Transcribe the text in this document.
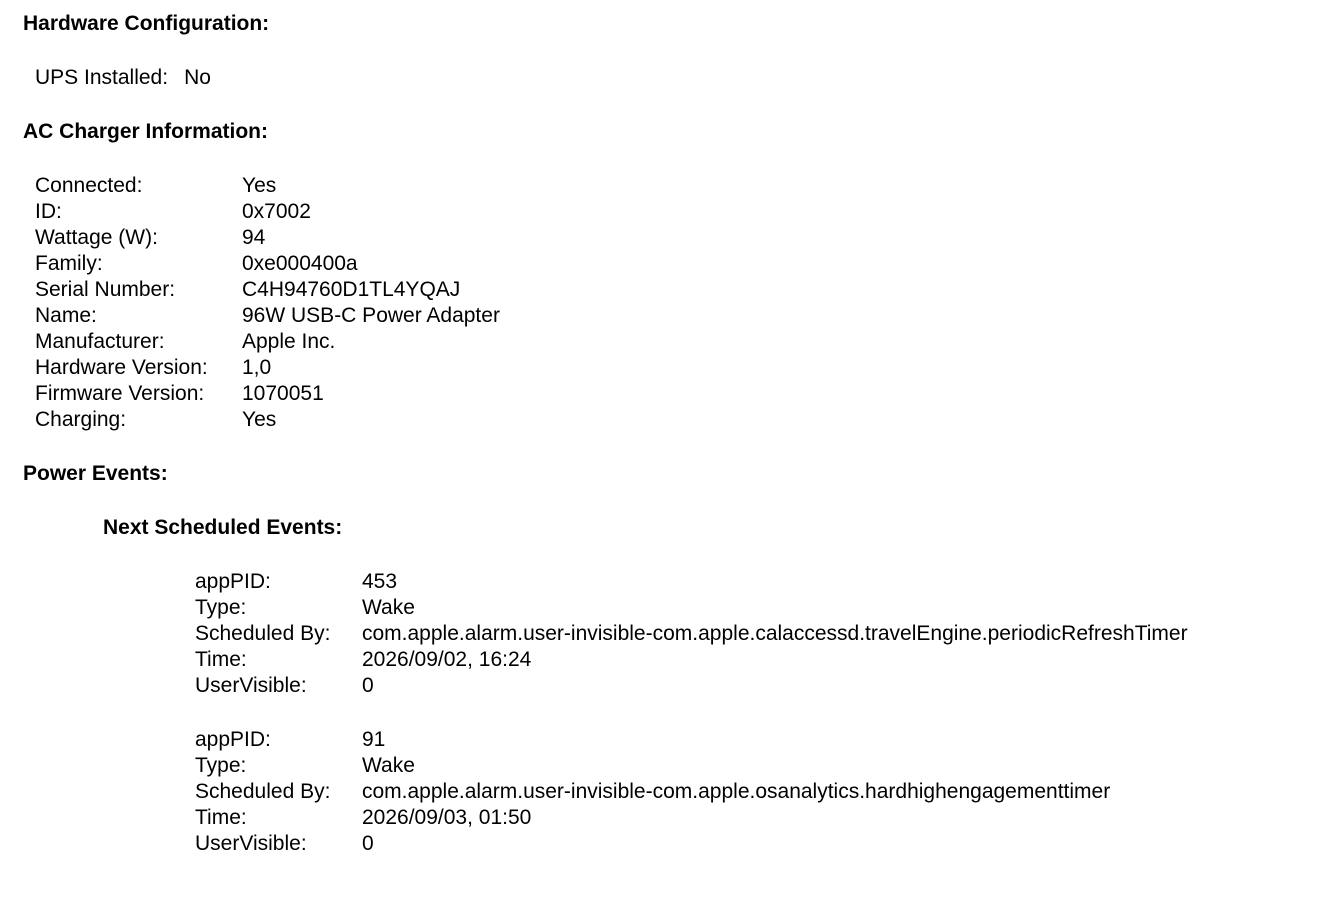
Hardware Configuration:
UPS Installed:	No
AC Charger Information:
Connected:	Yes
ID:	0x7002
Wattage (W):	94
Family:	0xe000400a
Serial Number:	C4H94760D1TL4YQAJ
Name:	96W USB-C Power Adapter
Manufacturer:	Apple Inc.
Hardware Version:	1,0
Firmware Version:	1070051
Charging:	Yes
Power Events:
Next Scheduled Events:
appPID:	453
Type:	Wake
Scheduled By:	com.apple.alarm.user-invisible-com.apple.calaccessd.travelEngine.periodicRefreshTimer
Time:	2026/09/02, 16:24
UserVisible:	0
appPID:	91
Type:	Wake
Scheduled By:	com.apple.alarm.user-invisible-com.apple.osanalytics.hardhighengagementtimer
Time:	2026/09/03, 01:50
UserVisible:	0
